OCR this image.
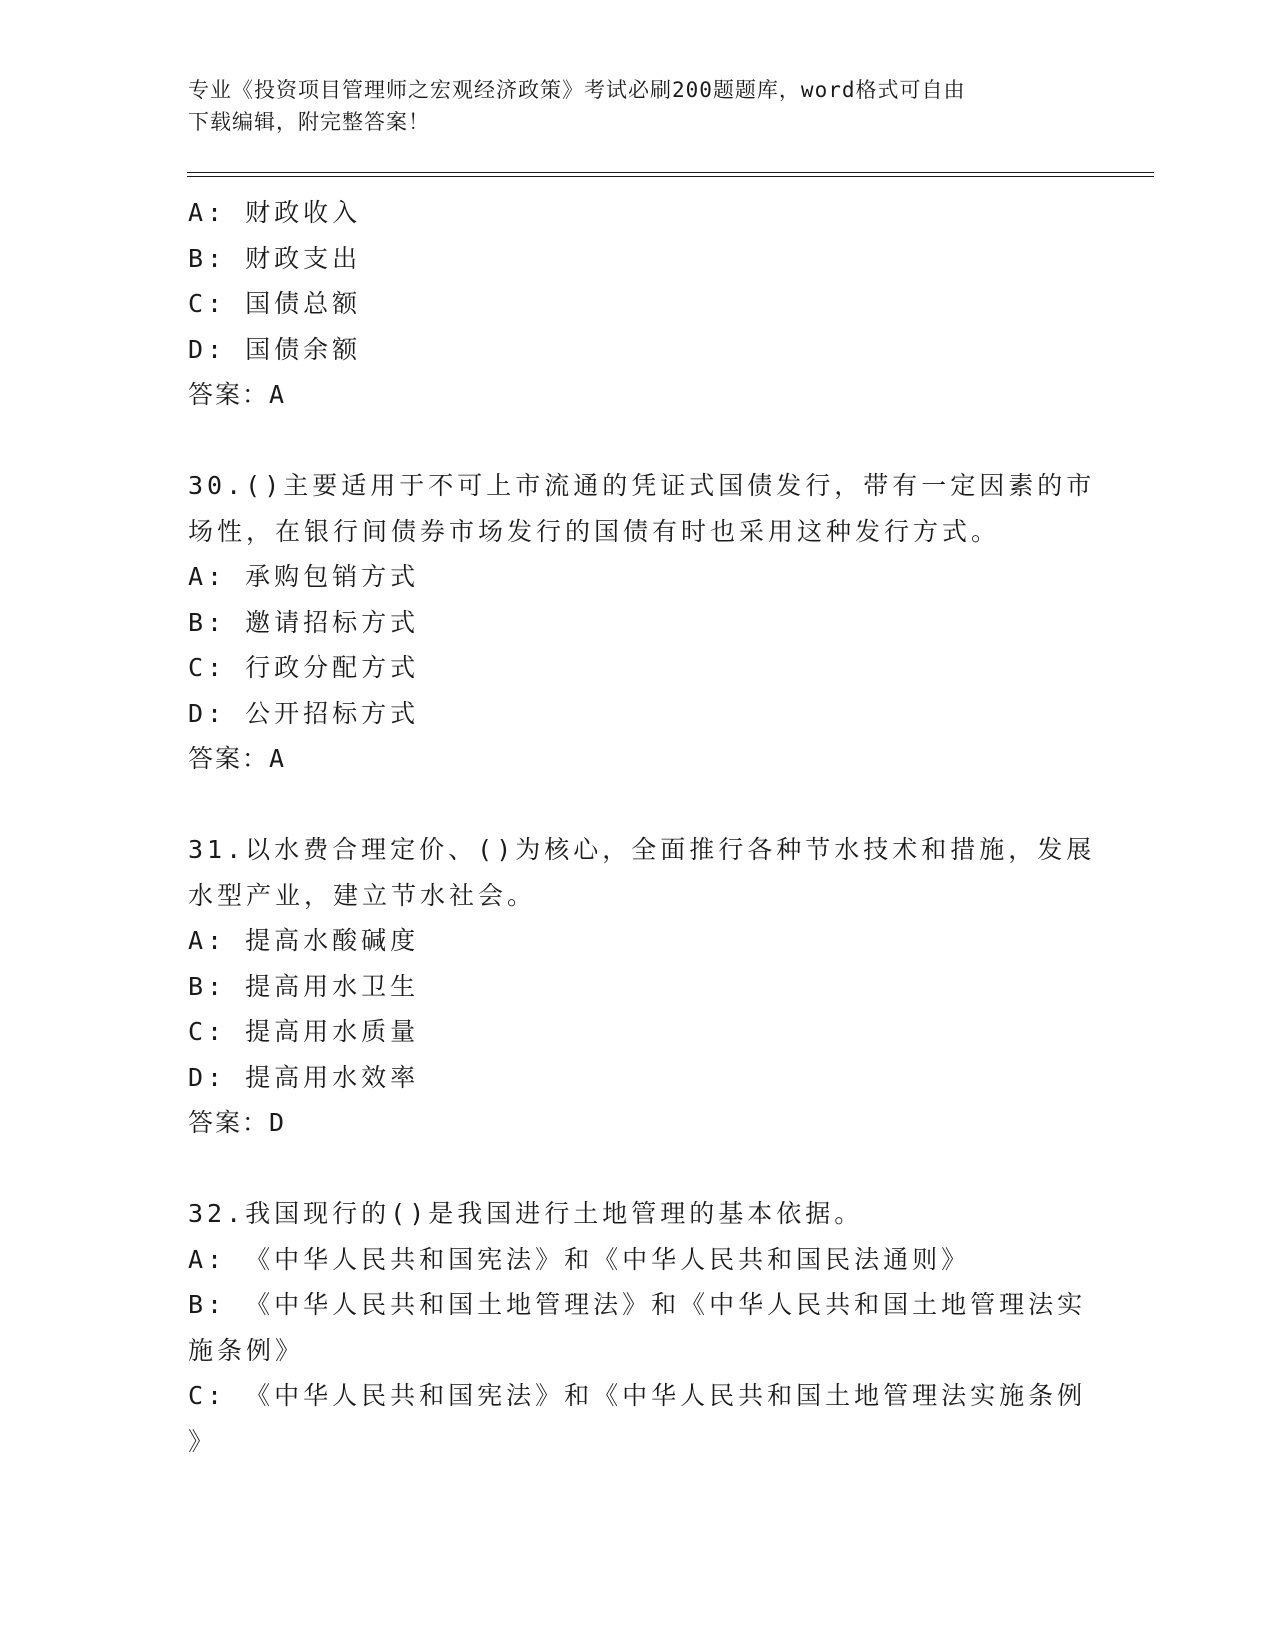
专业《投资项目管理师之宏观经济政策》考试必刷200题题库，word格式可自由
下载编辑，附完整答案！
A: 财政收入
B: 财政支出
C: 国债总额
D: 国债余额
答案：A
30.()主要适用于不可上市流通的凭证式国债发行，带有一定因素的市
场性，在银行间债券市场发行的国债有时也采用这种发行方式。
A: 承购包销方式
B: 邀请招标方式
C: 行政分配方式
D: 公开招标方式
答案：A
31.以水费合理定价、()为核心，全面推行各种节水技术和措施，发展
水型产业，建立节水社会。
A: 提高水酸碱度
B: 提高用水卫生
C: 提高用水质量
D: 提高用水效率
答案：D
32.我国现行的()是我国进行土地管理的基本依据。
A: 《中华人民共和国宪法》和《中华人民共和国民法通则》
B: 《中华人民共和国土地管理法》和《中华人民共和国土地管理法实
施条例》
C: 《中华人民共和国宪法》和《中华人民共和国土地管理法实施条例
》
